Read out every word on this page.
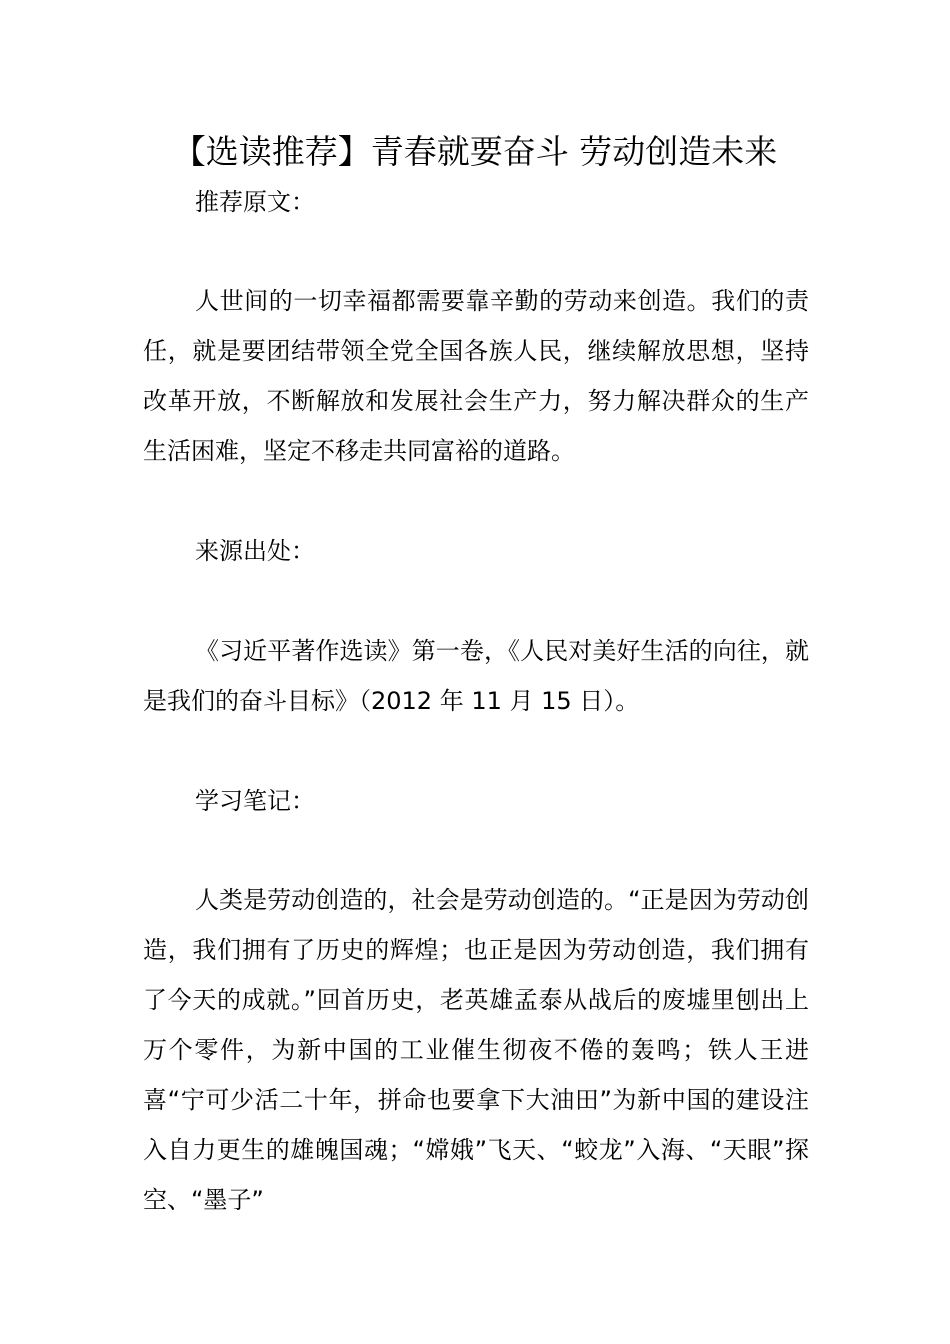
【选读推荐】青春就要奋斗 劳动创造未来

推荐原文：

人世间的一切幸福都需要靠辛勤的劳动来创造。我们的责任，就是要团结带领全党全国各族人民，继续解放思想，坚持改革开放，不断解放和发展社会生产力，努力解决群众的生产生活困难，坚定不移走共同富裕的道路。

来源出处：

《习近平著作选读》第一卷，《人民对美好生活的向往，就是我们的奋斗目标》（2012 年 11 月 15 日）。

学习笔记：

人类是劳动创造的，社会是劳动创造的。“正是因为劳动创造，我们拥有了历史的辉煌；也正是因为劳动创造，我们拥有了今天的成就。”回首历史，老英雄孟泰从战后的废墟里刨出上万个零件，为新中国的工业催生彻夜不倦的轰鸣；铁人王进喜“宁可少活二十年，拼命也要拿下大油田”为新中国的建设注入自力更生的雄魄国魂；“嫦娥”飞天、“蛟龙”入海、“天眼”探空、“墨子”
